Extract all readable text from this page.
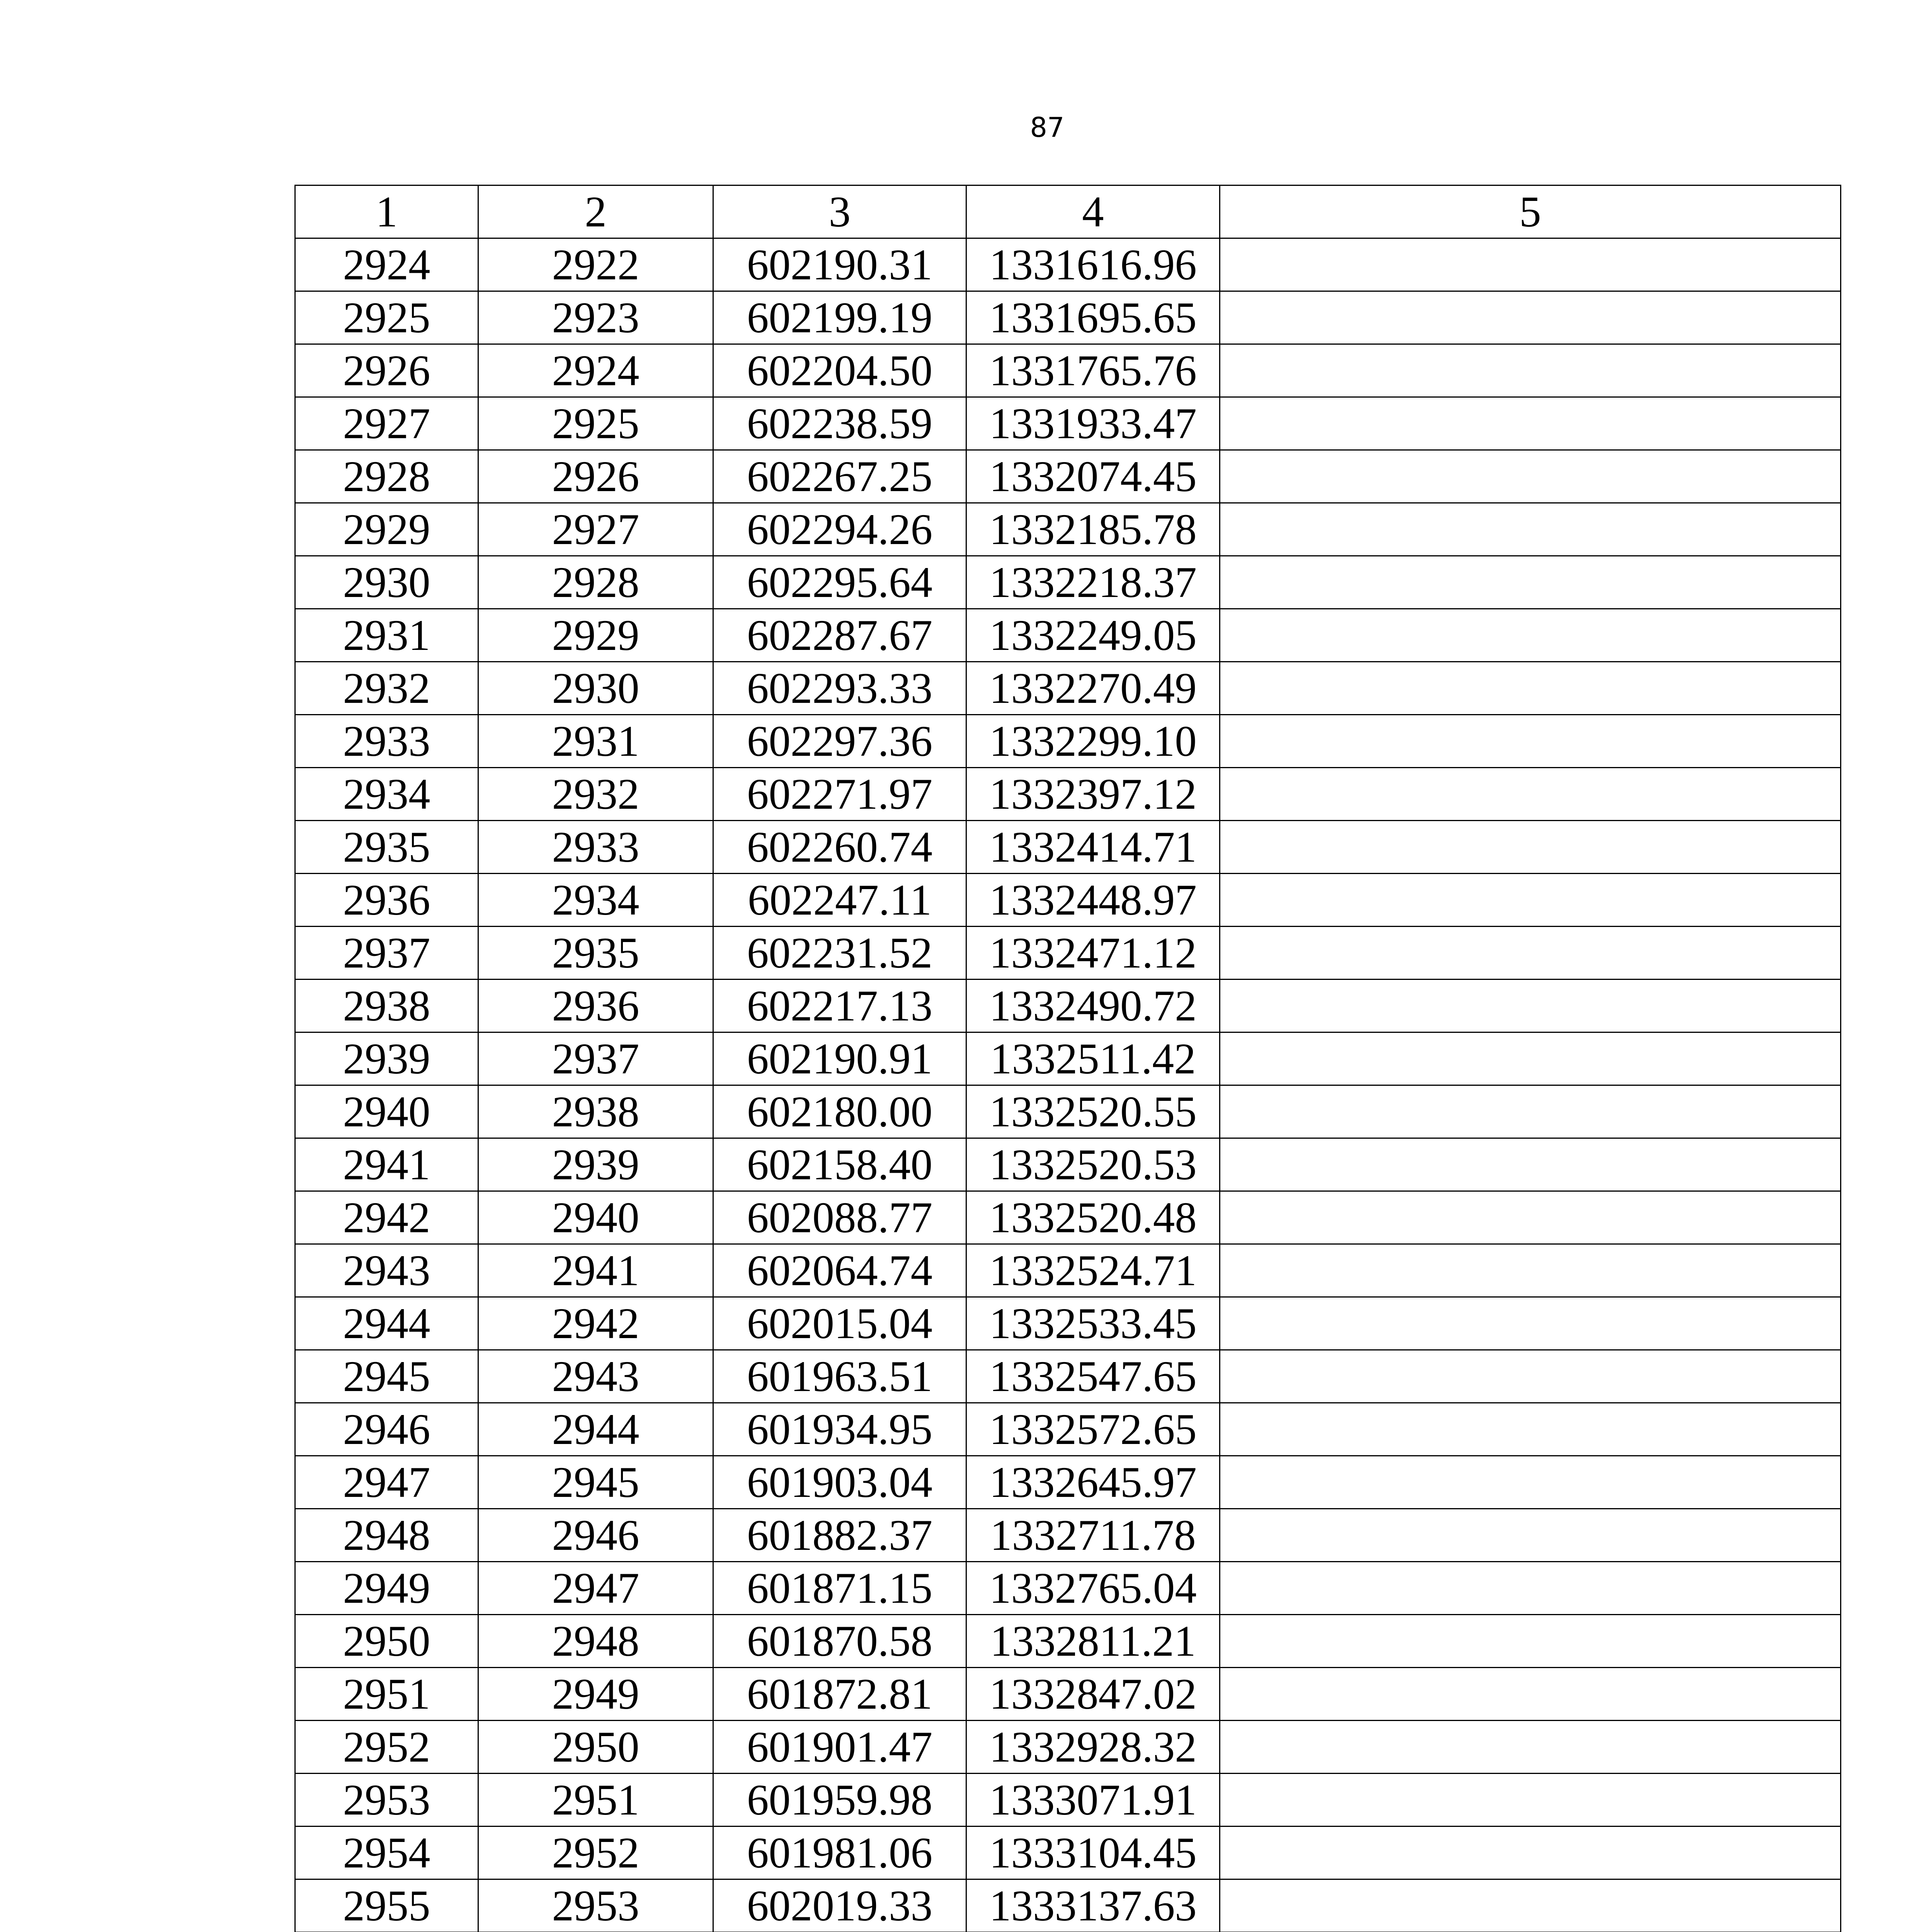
87
1	2	3	4	5
2924	2922	602190.31	1331616.96	
2925	2923	602199.19	1331695.65	
2926	2924	602204.50	1331765.76	
2927	2925	602238.59	1331933.47	
2928	2926	602267.25	1332074.45	
2929	2927	602294.26	1332185.78	
2930	2928	602295.64	1332218.37	
2931	2929	602287.67	1332249.05	
2932	2930	602293.33	1332270.49	
2933	2931	602297.36	1332299.10	
2934	2932	602271.97	1332397.12	
2935	2933	602260.74	1332414.71	
2936	2934	602247.11	1332448.97	
2937	2935	602231.52	1332471.12	
2938	2936	602217.13	1332490.72	
2939	2937	602190.91	1332511.42	
2940	2938	602180.00	1332520.55	
2941	2939	602158.40	1332520.53	
2942	2940	602088.77	1332520.48	
2943	2941	602064.74	1332524.71	
2944	2942	602015.04	1332533.45	
2945	2943	601963.51	1332547.65	
2946	2944	601934.95	1332572.65	
2947	2945	601903.04	1332645.97	
2948	2946	601882.37	1332711.78	
2949	2947	601871.15	1332765.04	
2950	2948	601870.58	1332811.21	
2951	2949	601872.81	1332847.02	
2952	2950	601901.47	1332928.32	
2953	2951	601959.98	1333071.91	
2954	2952	601981.06	1333104.45	
2955	2953	602019.33	1333137.63	
